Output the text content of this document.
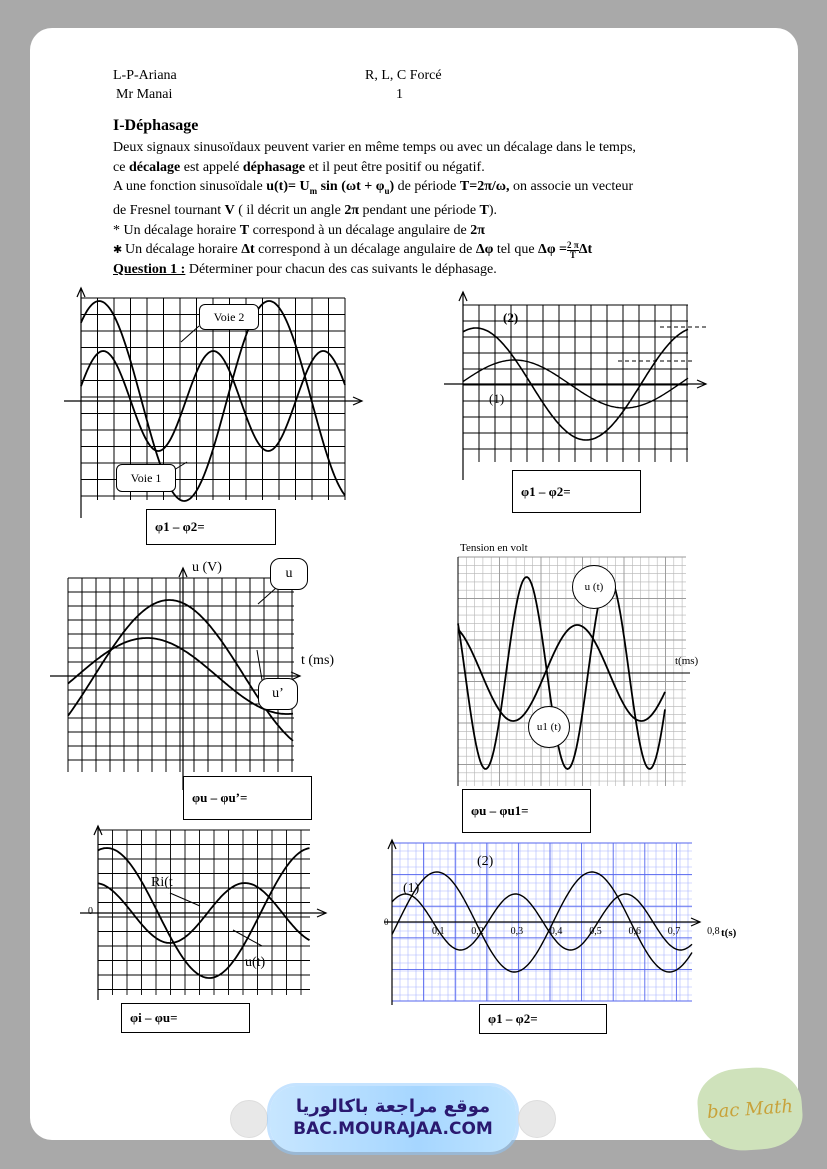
L-P-Ariana
Mr Manai
R, L, C Forcé
1
I-Déphasage
Deux signaux sinusoïdaux peuvent varier en même temps ou avec un décalage dans le temps,
ce décalage est appelé déphasage et il peut être positif ou négatif.
A une fonction sinusoïdale $u(t)= U_m$ $\sin (\omega t + \varphi_u)$ de période T=2π/ω, on associe un vecteur
de Fresnel tournant V ( il décrit un angle 2π pendant une période T).
* Un décalage horaire T correspond à un décalage angulaire de 2π
✱ Un décalage horaire Δt correspond à un décalage angulaire de Δφ tel que $\Delta\varphi = \frac{2 \pi}{T}$ Δt
Question 1 : Déterminer pour chacun des cas suivants le déphasage.
Voie 2
Voie 1
φ1 – φ2=
(2)
(1)
φ1 – φ2=
u (V)
t (ms)
u
u’
φu – φu’=
Tension en volt
t(ms)
u (t)
u1 (t)
φu – φu1=
Ri(t
u(t)
0
φi – φu=
(2)
(1)
0
t(s)
0,1	0,2	0,3	0,4	0,5	0,6	0,7	0,8
φ1 – φ2=
موقع مراجعة باكالوريا
BAC.MOURAJAA.COM
bac Math
